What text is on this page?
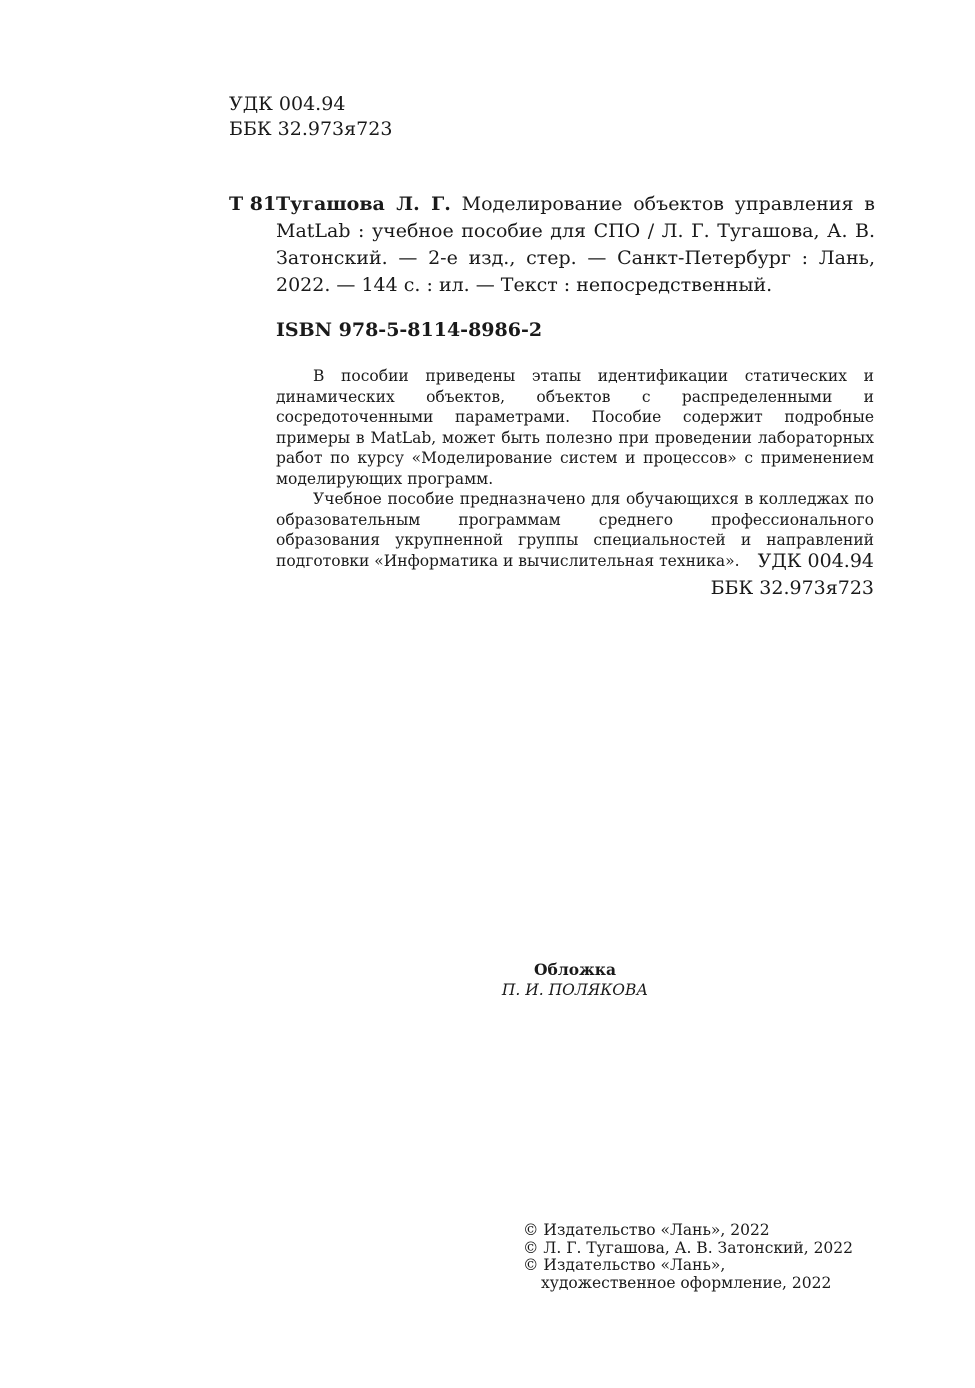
УДК 004.94
ББК 32.973я723
Т 81 Тугашова Л. Г. Моделирование объектов управления в MatLab : учебное пособие для СПО / Л. Г. Тугашова, А. В. Затонский. — 2-е изд., стер. — Санкт-Петербург : Лань, 2022. — 144 с. : ил. — Текст : непосредственный.
ISBN 978-5-8114-8986-2

В пособии приведены этапы идентификации статических и динамических объектов, объектов с распределенными и сосредоточенными параметрами. Пособие содержит подробные примеры в MatLab, может быть полезно при проведении лабораторных работ по курсу «Моделирование систем и процессов» с применением моделирующих программ.

Учебное пособие предназначено для обучающихся в колледжах по образовательным программам среднего профессионального образования укрупненной группы специальностей и направлений подготовки «Информатика и вычислительная техника». УДК 004.94
ББК 32.973я723
Обложка
П. И. ПОЛЯКОВА
© Издательство «Лань», 2022
© Л. Г. Тугашова, А. В. Затонский, 2022
© Издательство «Лань»,
художественное оформление, 2022
